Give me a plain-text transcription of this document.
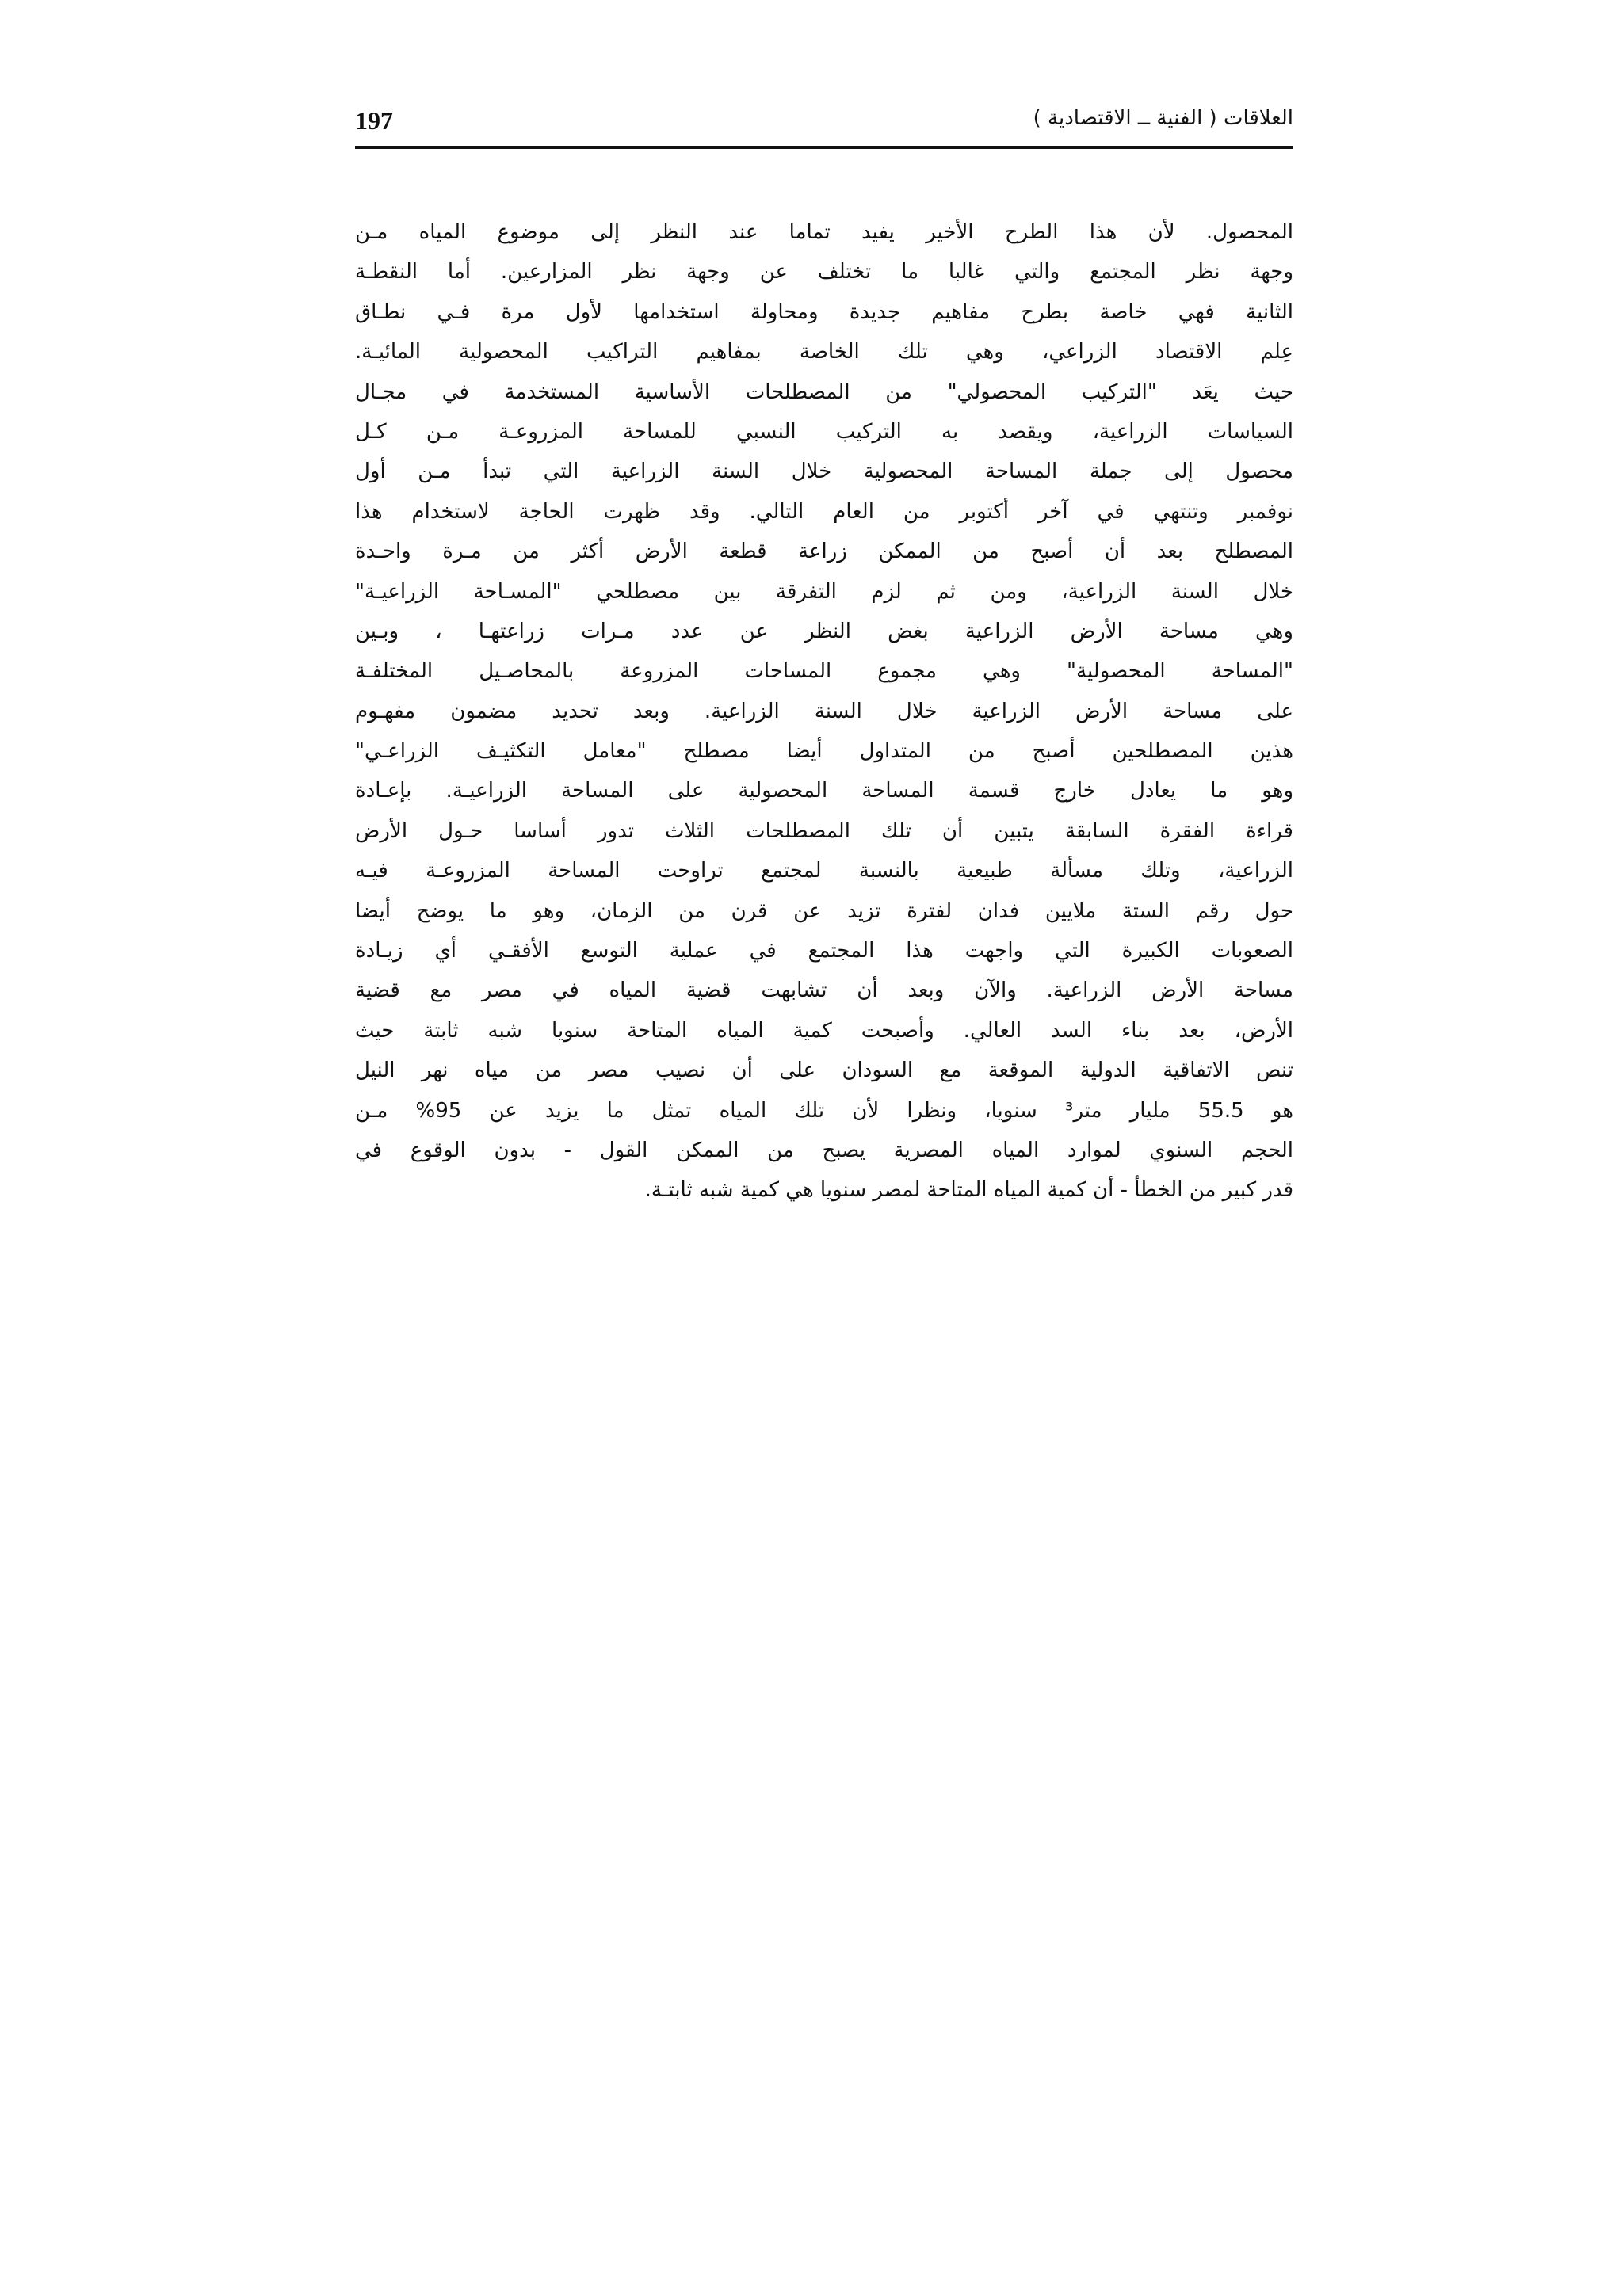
197	العلاقات ( الفنية ــ الاقتصادية )
المحصول. لأن هذا الطرح الأخير يفيد تماما عند النظر إلى موضوع المياه مـن
وجهة نظر المجتمع والتي غالبا ما تختلف عن وجهة نظر المزارعين. أما النقطـة
الثانية فهي خاصة بطرح مفاهيم جديدة ومحاولة استخدامها لأول مرة فـي نطـاق
عِلم الاقتصاد الزراعي، وهي تلك الخاصة بمفاهيم التراكيب المحصولية المائيـة.
حيث يعَد "التركيب المحصولي" من المصطلحات الأساسية المستخدمة في مجـال
السياسات الزراعية، ويقصد به التركيب النسبي للمساحة المزروعـة مـن كـل
محصول إلى جملة المساحة المحصولية خلال السنة الزراعية التي تبدأ مـن أول
نوفمبر وتنتهي في آخر أكتوبر من العام التالي. وقد ظهرت الحاجة لاستخدام هذا
المصطلح بعد أن أصبح من الممكن زراعة قطعة الأرض أكثر من مـرة واحـدة
خلال السنة الزراعية، ومن ثم لزم التفرقة بين مصطلحي "المسـاحة الزراعيـة"
وهي مساحة الأرض الزراعية بغض النظر عن عدد مـرات زراعتهـا ، وبـين
"المساحة المحصولية" وهي مجموع المساحات المزروعة بالمحاصـيل المختلفـة
على مساحة الأرض الزراعية خلال السنة الزراعية. وبعد تحديد مضمون مفهـوم
هذين المصطلحين أصبح من المتداول أيضا مصطلح "معامل التكثيـف الزراعـي"
وهو ما يعادل خارج قسمة المساحة المحصولية على المساحة الزراعيـة. بإعـادة
قراءة الفقرة السابقة يتبين أن تلك المصطلحات الثلاث تدور أساسا حـول الأرض
الزراعية، وتلك مسألة طبيعية بالنسبة لمجتمع تراوحت المساحة المزروعـة فيـه
حول رقم الستة ملايين فدان لفترة تزيد عن قرن من الزمان، وهو ما يوضح أيضا
الصعوبات الكبيرة التي واجهت هذا المجتمع في عملية التوسع الأفقـي أي زيـادة
مساحة الأرض الزراعية. والآن وبعد أن تشابهت قضية المياه في مصر مع قضية
الأرض، بعد بناء السد العالي. وأصبحت كمية المياه المتاحة سنويا شبه ثابتة حيث
تنص الاتفاقية الدولية الموقعة مع السودان على أن نصيب مصر من مياه نهر النيل
هو 55.5 مليار متر³ سنويا، ونظرا لأن تلك المياه تمثل ما يزيد عن 95% مـن
الحجم السنوي لموارد المياه المصرية يصبح من الممكن القول - بدون الوقوع في
قدر كبير من الخطأ - أن كمية المياه المتاحة لمصر سنويا هي كمية شبه ثابتـة.
